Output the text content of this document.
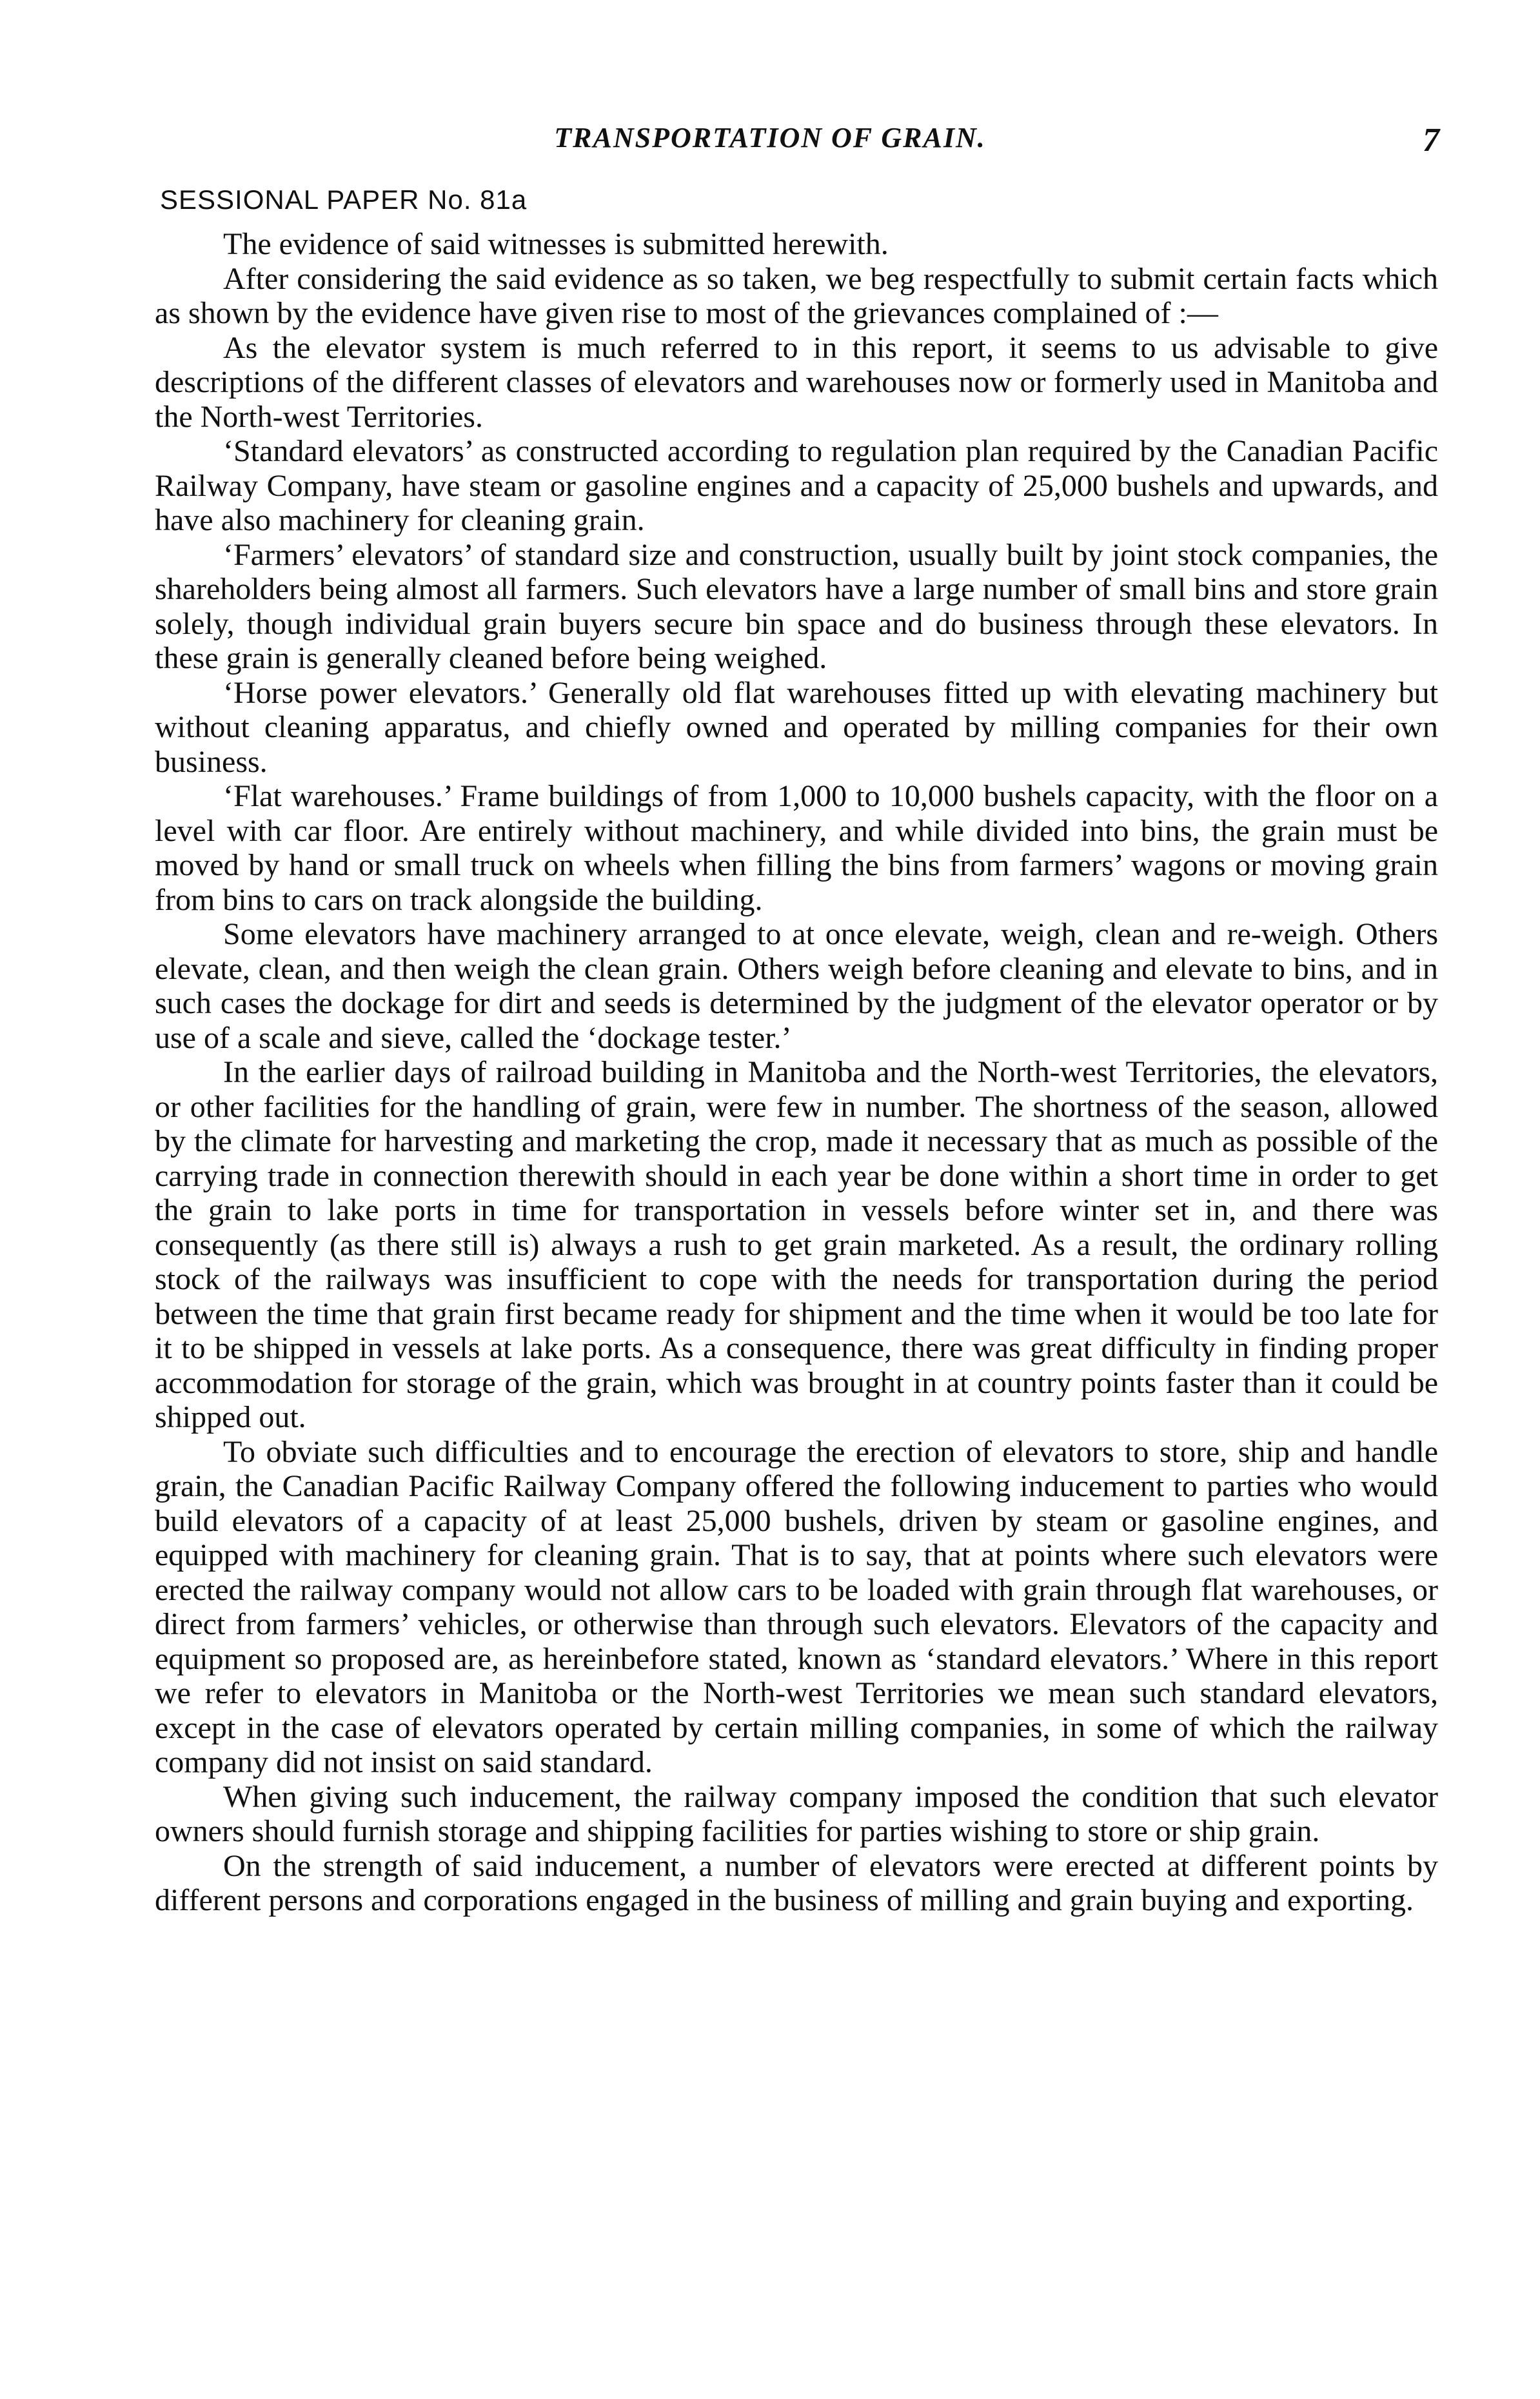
TRANSPORTATION OF GRAIN.	7
SESSIONAL PAPER No. 81a

The evidence of said witnesses is submitted herewith.

After considering the said evidence as so taken, we beg respectfully to submit certain facts which as shown by the evidence have given rise to most of the grievances complained of :—

As the elevator system is much referred to in this report, it seems to us advisable to give descriptions of the different classes of elevators and warehouses now or formerly used in Manitoba and the North-west Territories.

‘Standard elevators’ as constructed according to regulation plan required by the Canadian Pacific Railway Company, have steam or gasoline engines and a capacity of 25,000 bushels and upwards, and have also machinery for cleaning grain.

‘Farmers’ elevators’ of standard size and construction, usually built by joint stock companies, the shareholders being almost all farmers. Such elevators have a large number of small bins and store grain solely, though individual grain buyers secure bin space and do business through these elevators. In these grain is generally cleaned before being weighed.

‘Horse power elevators.’ Generally old flat warehouses fitted up with elevating machinery but without cleaning apparatus, and chiefly owned and operated by milling companies for their own business.

‘Flat warehouses.’ Frame buildings of from 1,000 to 10,000 bushels capacity, with the floor on a level with car floor. Are entirely without machinery, and while divided into bins, the grain must be moved by hand or small truck on wheels when filling the bins from farmers’ wagons or moving grain from bins to cars on track alongside the building.

Some elevators have machinery arranged to at once elevate, weigh, clean and re-weigh. Others elevate, clean, and then weigh the clean grain. Others weigh before cleaning and elevate to bins, and in such cases the dockage for dirt and seeds is determined by the judgment of the elevator operator or by use of a scale and sieve, called the ‘dockage tester.’

In the earlier days of railroad building in Manitoba and the North-west Territories, the elevators, or other facilities for the handling of grain, were few in number. The shortness of the season, allowed by the climate for harvesting and marketing the crop, made it necessary that as much as possible of the carrying trade in connection therewith should in each year be done within a short time in order to get the grain to lake ports in time for transportation in vessels before winter set in, and there was consequently (as there still is) always a rush to get grain marketed. As a result, the ordinary rolling stock of the railways was insufficient to cope with the needs for transportation during the period between the time that grain first became ready for shipment and the time when it would be too late for it to be shipped in vessels at lake ports. As a consequence, there was great difficulty in finding proper accommodation for storage of the grain, which was brought in at country points faster than it could be shipped out.

To obviate such difficulties and to encourage the erection of elevators to store, ship and handle grain, the Canadian Pacific Railway Company offered the following inducement to parties who would build elevators of a capacity of at least 25,000 bushels, driven by steam or gasoline engines, and equipped with machinery for cleaning grain. That is to say, that at points where such elevators were erected the railway company would not allow cars to be loaded with grain through flat warehouses, or direct from farmers’ vehicles, or otherwise than through such elevators. Elevators of the capacity and equipment so proposed are, as hereinbefore stated, known as ‘standard elevators.’ Where in this report we refer to elevators in Manitoba or the North-west Territories we mean such standard elevators, except in the case of elevators operated by certain milling companies, in some of which the railway company did not insist on said standard.

When giving such inducement, the railway company imposed the condition that such elevator owners should furnish storage and shipping facilities for parties wishing to store or ship grain.

On the strength of said inducement, a number of elevators were erected at different points by different persons and corporations engaged in the business of milling and grain buying and exporting.
